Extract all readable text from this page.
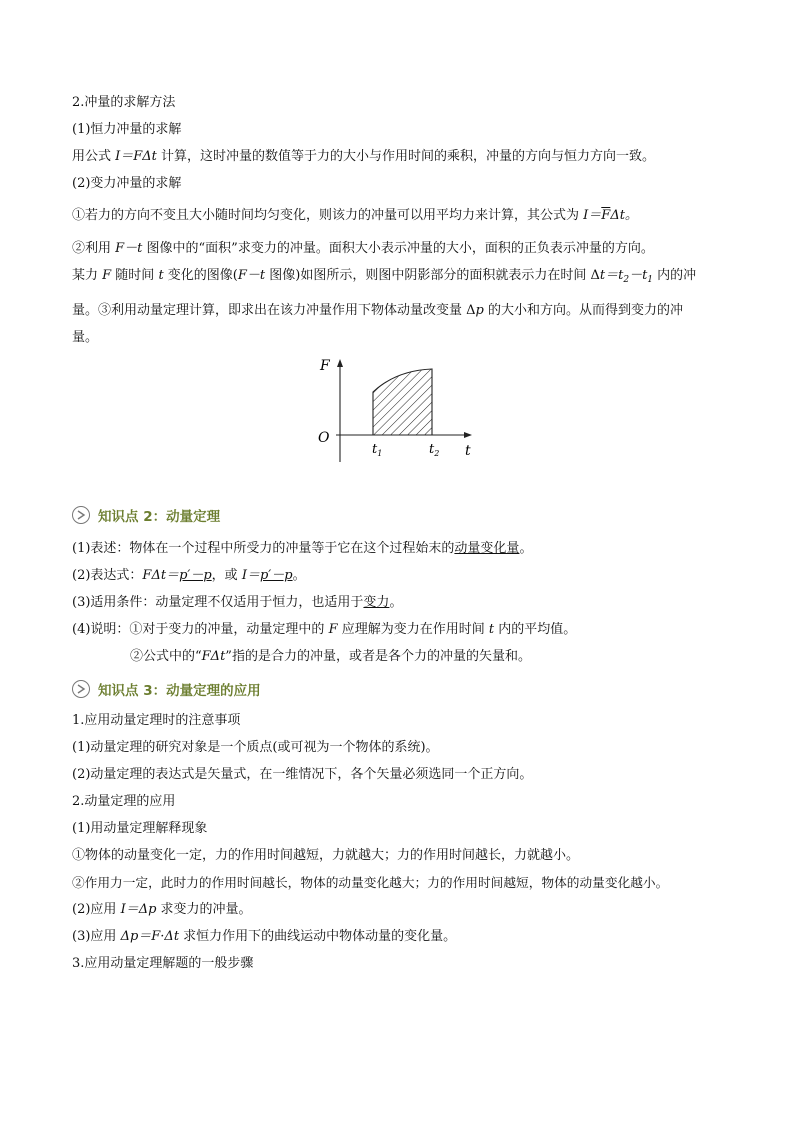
2.冲量的求解方法
(1)恒力冲量的求解
用公式 I＝FΔt 计算，这时冲量的数值等于力的大小与作用时间的乘积，冲量的方向与恒力方向一致。
(2)变力冲量的求解
①若力的方向不变且大小随时间均匀变化，则该力的冲量可以用平均力来计算，其公式为 $I=\overline{F}\Delta t$。
②利用 F－t 图像中的“面积”求变力的冲量。面积大小表示冲量的大小，面积的正负表示冲量的方向。
某力 F 随时间 t 变化的图像(F－t 图像)如图所示，则图中阴影部分的面积就表示力在时间 $\Delta t=t_2-t_1$ 内的冲
量。③利用动量定理计算，即求出在该力冲量作用下物体动量改变量 Δp 的大小和方向。从而得到变力的冲
量。
F
t
O
$t_1$	$t_2$
知识点 2：动量定理
(1)表述：物体在一个过程中所受力的冲量等于它在这个过程始末的动量变化量。
(2)表达式：FΔt＝p′－p，或 I＝p′－p。
(3)适用条件：动量定理不仅适用于恒力，也适用于变力。
(4)说明：①对于变力的冲量，动量定理中的 F 应理解为变力在作用时间 t 内的平均值。
②公式中的“FΔt”指的是合力的冲量，或者是各个力的冲量的矢量和。
知识点 3：动量定理的应用
1.应用动量定理时的注意事项
(1)动量定理的研究对象是一个质点(或可视为一个物体的系统)。
(2)动量定理的表达式是矢量式，在一维情况下，各个矢量必须选同一个正方向。
2.动量定理的应用
(1)用动量定理解释现象
①物体的动量变化一定，力的作用时间越短，力就越大；力的作用时间越长，力就越小。
②作用力一定，此时力的作用时间越长，物体的动量变化越大；力的作用时间越短，物体的动量变化越小。
(2)应用 I＝Δp 求变力的冲量。
(3)应用 Δp＝F·Δt 求恒力作用下的曲线运动中物体动量的变化量。
3.应用动量定理解题的一般步骤
